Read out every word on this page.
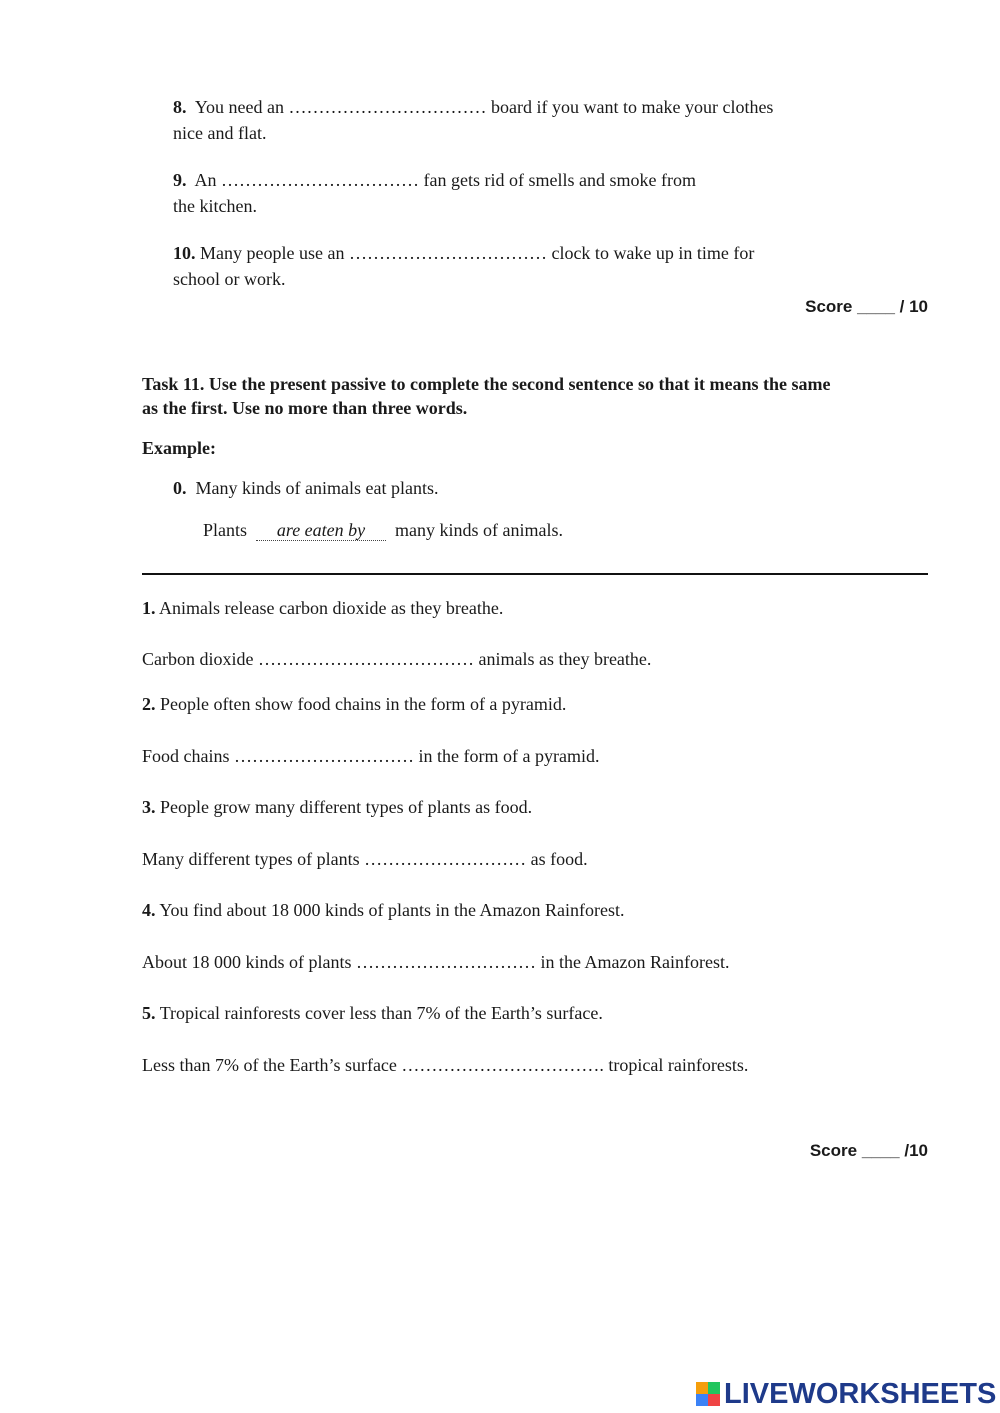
8. You need an …………………………… board if you want to make your clothes
nice and flat.
9. An …………………………… fan gets rid of smells and smoke from
the kitchen.
10. Many people use an …………………………… clock to wake up in time for
school or work.
Score ____ / 10
Task 11. Use the present passive to complete the second sentence so that it means the same
as the first. Use no more than three words.
Example:
0. Many kinds of animals eat plants.
Plants are eaten by many kinds of animals.
1. Animals release carbon dioxide as they breathe.
Carbon dioxide ……………………………… animals as they breathe.
2. People often show food chains in the form of a pyramid.
Food chains ………………………… in the form of a pyramid.
3. People grow many different types of plants as food.
Many different types of plants ……………………… as food.
4. You find about 18 000 kinds of plants in the Amazon Rainforest.
About 18 000 kinds of plants ………………………… in the Amazon Rainforest.
5. Tropical rainforests cover less than 7% of the Earth’s surface.
Less than 7% of the Earth’s surface ……………………………. tropical rainforests.
Score ____ /10
LIVEWORKSHEETS
